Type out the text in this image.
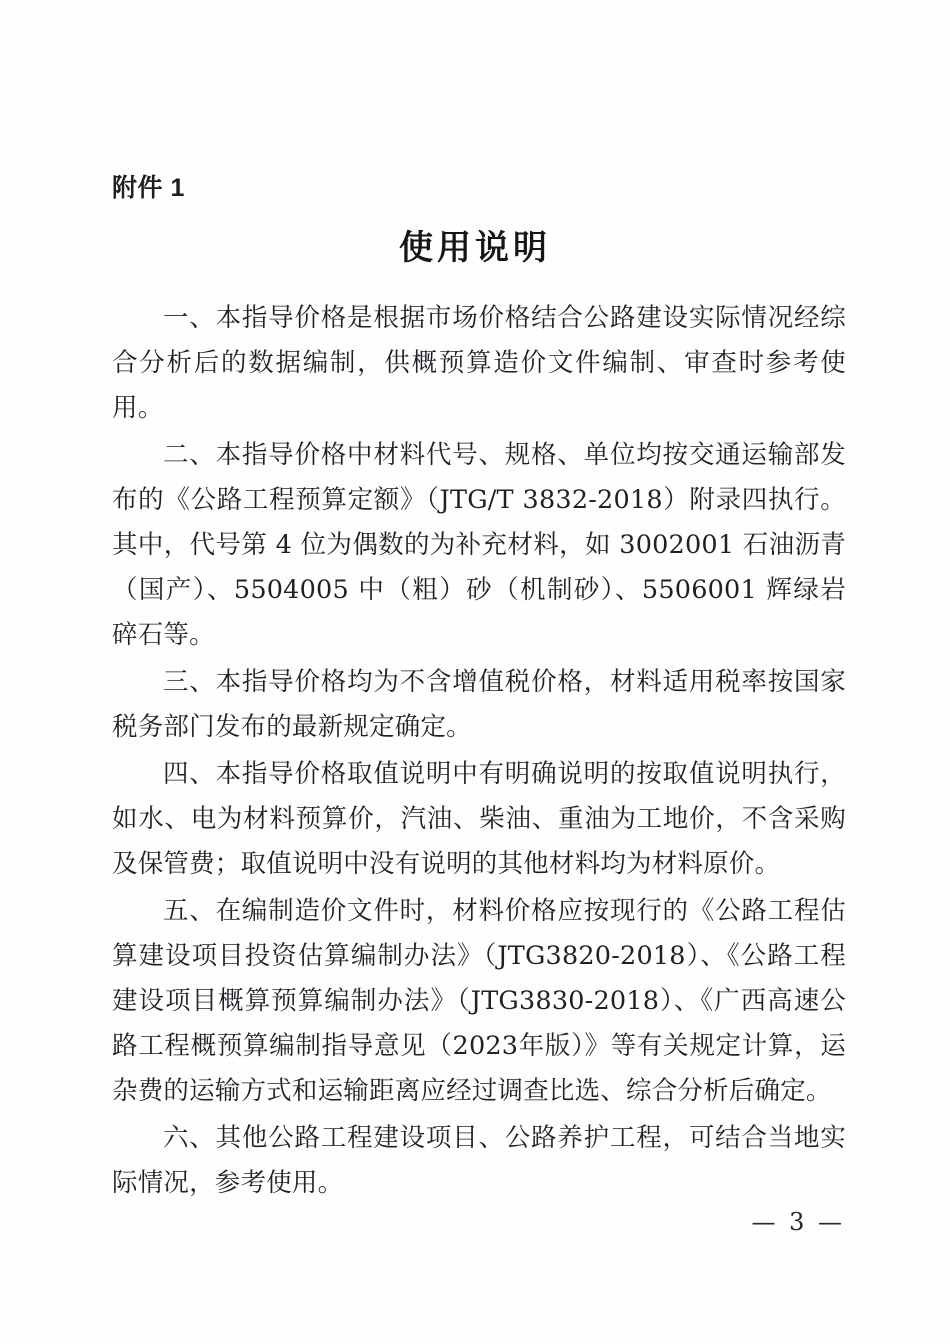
附件 1
使用说明

一、本指导价格是根据市场价格结合公路建设实际情况经综合分析后的数据编制，供概预算造价文件编制、审查时参考使用。

二、本指导价格中材料代号、规格、单位均按交通运输部发布的《公路工程预算定额》（JTG/T 3832-2018）附录四执行。其中，代号第 4 位为偶数的为补充材料，如 3002001 石油沥青（国产）、5504005 中（粗）砂（机制砂）、5506001 辉绿岩碎石等。

三、本指导价格均为不含增值税价格，材料适用税率按国家税务部门发布的最新规定确定。

四、本指导价格取值说明中有明确说明的按取值说明执行，如水、电为材料预算价，汽油、柴油、重油为工地价，不含采购及保管费；取值说明中没有说明的其他材料均为材料原价。

五、在编制造价文件时，材料价格应按现行的《公路工程估算建设项目投资估算编制办法》（JTG3820-2018）、《公路工程建设项目概算预算编制办法》（JTG3830-2018）、《广西高速公路工程概预算编制指导意见（2023年版）》等有关规定计算，运杂费的运输方式和运输距离应经过调查比选、综合分析后确定。

六、其他公路工程建设项目、公路养护工程，可结合当地实际情况，参考使用。

— 3 —
